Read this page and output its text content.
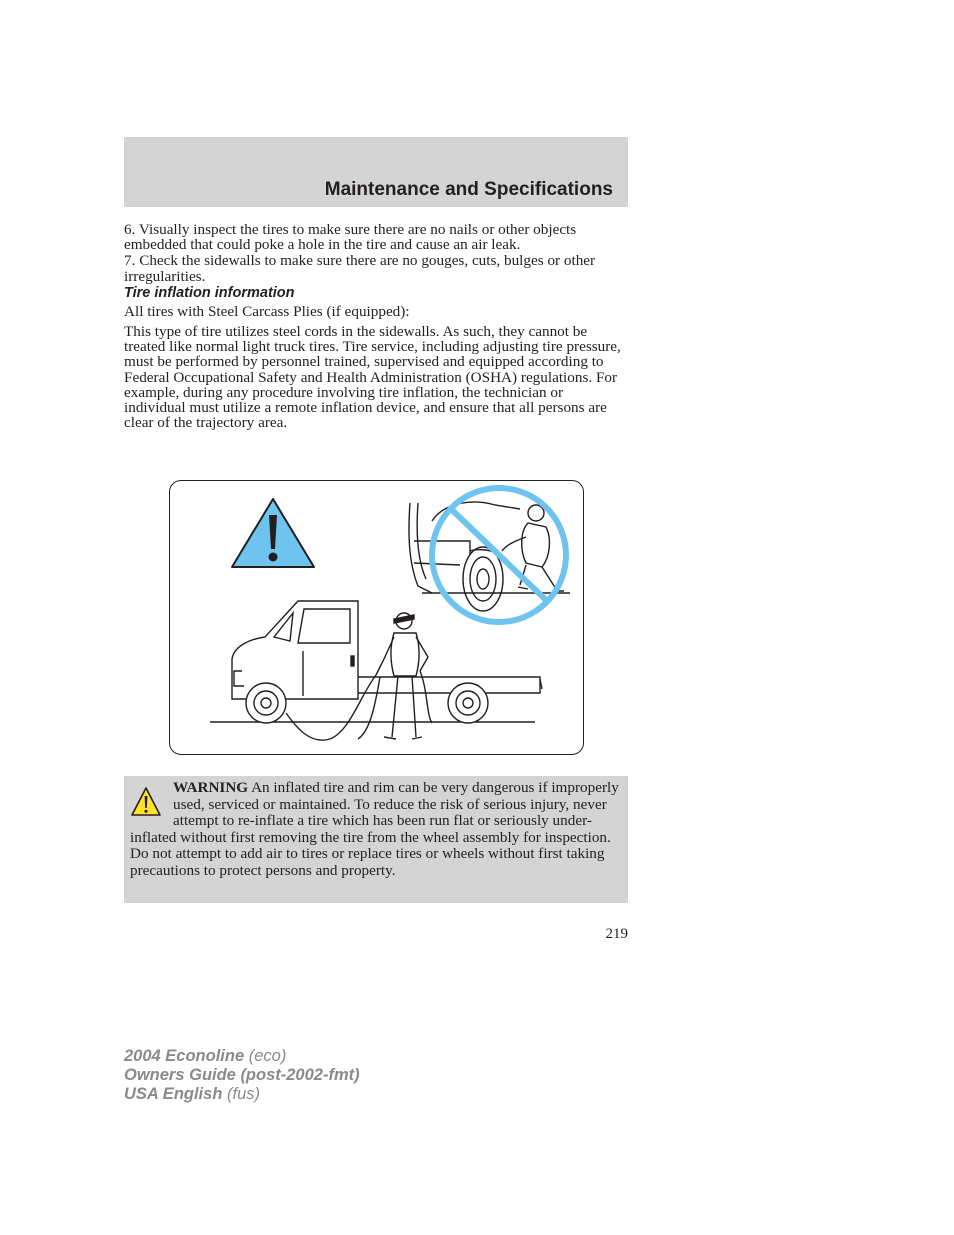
Maintenance and Specifications

6. Visually inspect the tires to make sure there are no nails or other objects embedded that could poke a hole in the tire and cause an air leak.

7. Check the sidewalls to make sure there are no gouges, cuts, bulges or other irregularities.

Tire inflation information

All tires with Steel Carcass Plies (if equipped):

This type of tire utilizes steel cords in the sidewalls. As such, they cannot be treated like normal light truck tires. Tire service, including adjusting tire pressure, must be performed by personnel trained, supervised and equipped according to Federal Occupational Safety and Health Administration (OSHA) regulations. For example, during any procedure involving tire inflation, the technician or individual must utilize a remote inflation device, and ensure that all persons are clear of the trajectory area.

WARNING An inflated tire and rim can be very dangerous if improperly used, serviced or maintained. To reduce the risk of serious injury, never attempt to re-inflate a tire which has been run flat or seriously under-inflated without first removing the tire from the wheel assembly for inspection. Do not attempt to add air to tires or replace tires or wheels without first taking precautions to protect persons and property.
219
2004 Econoline (eco)
Owners Guide (post-2002-fmt)
USA English (fus)
